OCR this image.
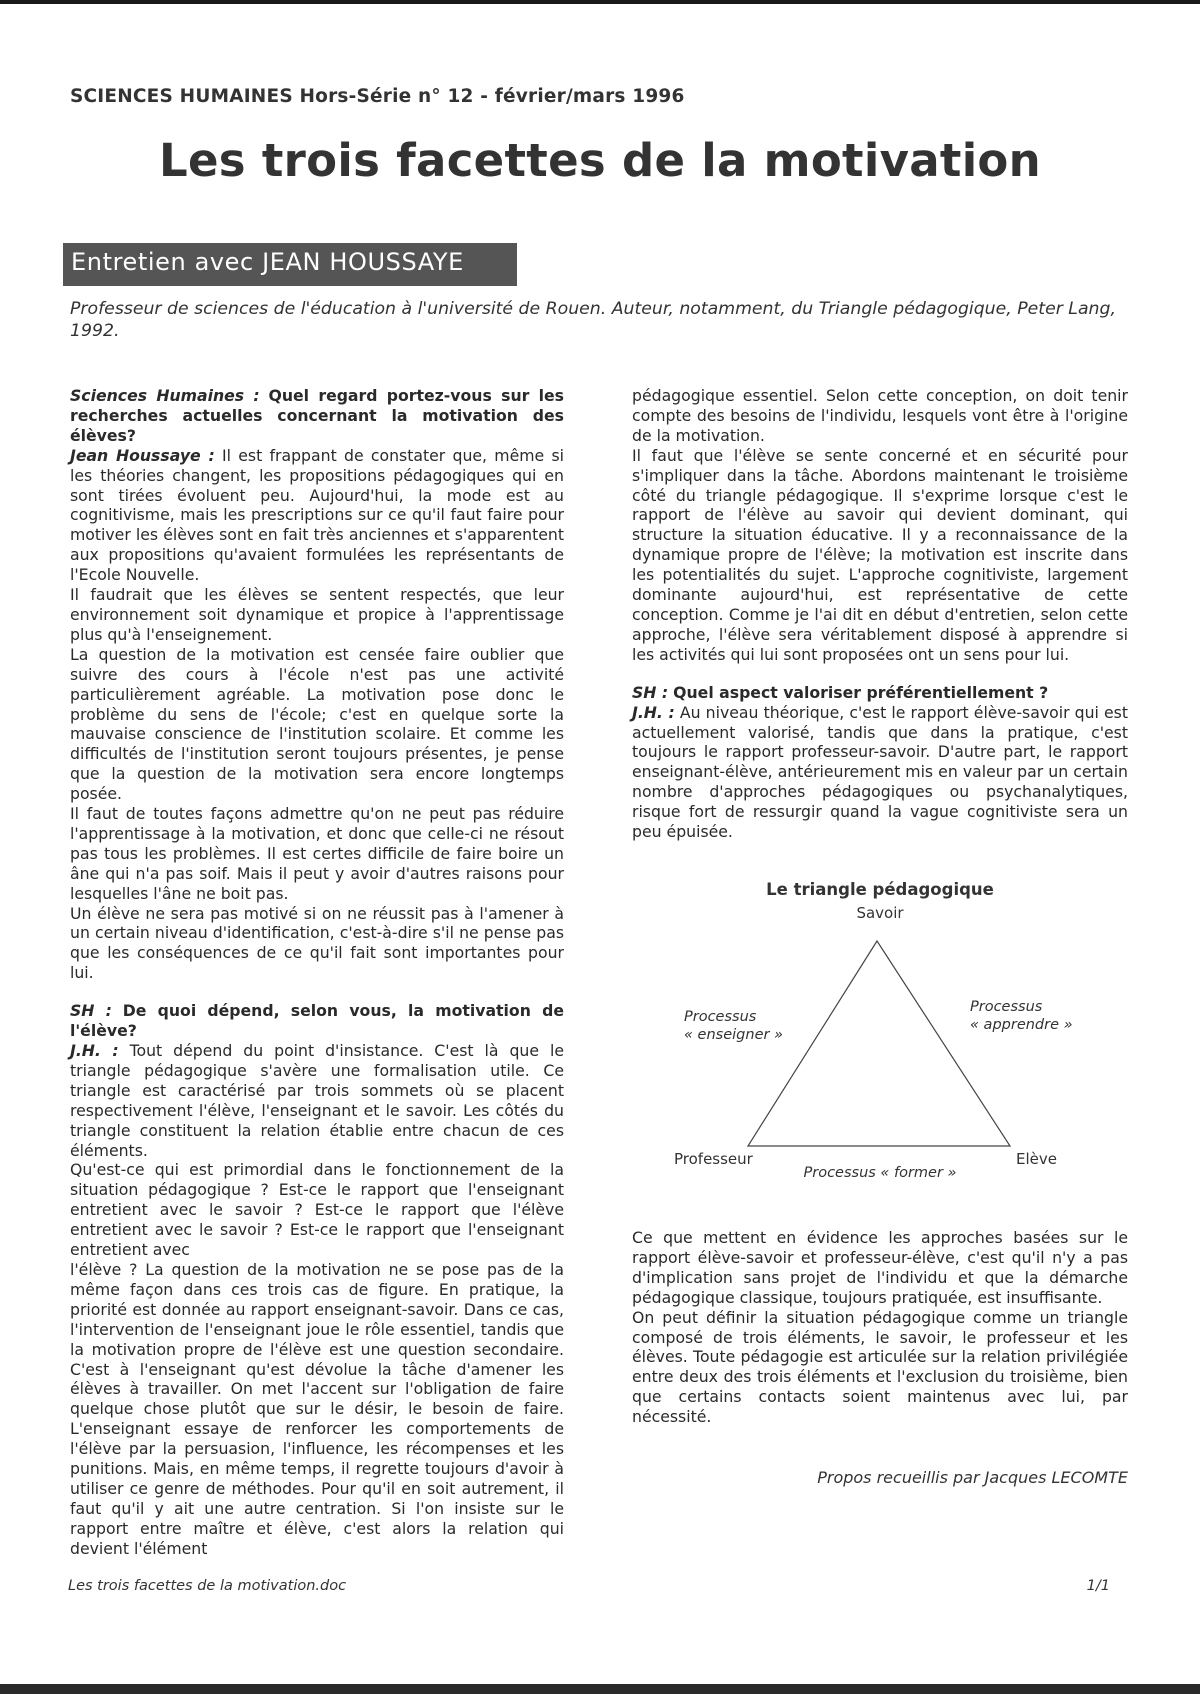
SCIENCES HUMAINES Hors-Série n° 12 - février/mars 1996
Les trois facettes de la motivation
Entretien avec JEAN HOUSSAYE
Professeur de sciences de l'éducation à l'université de Rouen. Auteur, notamment, du Triangle pédagogique, Peter Lang, 1992.

Sciences Humaines : Quel regard portez-vous sur les recherches actuelles concernant la motivation des élèves?

Jean Houssaye : Il est frappant de constater que, même si les théories changent, les propositions pédagogiques qui en sont tirées évoluent peu. Aujourd'hui, la mode est au cognitivisme, mais les prescriptions sur ce qu'il faut faire pour motiver les élèves sont en fait très anciennes et s'apparentent aux propositions qu'avaient formulées les représentants de l'Ecole Nouvelle.

Il faudrait que les élèves se sentent respectés, que leur environnement soit dynamique et propice à l'apprentissage plus qu'à l'enseignement.

La question de la motivation est censée faire oublier que suivre des cours à l'école n'est pas une activité particulièrement agréable. La motivation pose donc le problème du sens de l'école; c'est en quelque sorte la mauvaise conscience de l'institution scolaire. Et comme les difficultés de l'institution seront toujours présentes, je pense que la question de la motivation sera encore longtemps posée.

Il faut de toutes façons admettre qu'on ne peut pas réduire l'apprentissage à la motivation, et donc que celle-ci ne résout pas tous les problèmes. Il est certes difficile de faire boire un âne qui n'a pas soif. Mais il peut y avoir d'autres raisons pour lesquelles l'âne ne boit pas.

Un élève ne sera pas motivé si on ne réussit pas à l'amener à un certain niveau d'identification, c'est-à-dire s'il ne pense pas que les conséquences de ce qu'il fait sont importantes pour lui.

SH : De quoi dépend, selon vous, la motivation de l'élève?

J.H. : Tout dépend du point d'insistance. C'est là que le triangle pédagogique s'avère une formalisation utile. Ce triangle est caractérisé par trois sommets où se placent respectivement l'élève, l'enseignant et le savoir. Les côtés du triangle constituent la relation établie entre chacun de ces éléments.

Qu'est-ce qui est primordial dans le fonctionnement de la situation pédagogique ? Est-ce le rapport que l'enseignant entretient avec le savoir ? Est-ce le rapport que l'élève entretient avec le savoir ? Est-ce le rapport que l'enseignant entretient avec

l'élève ? La question de la motivation ne se pose pas de la même façon dans ces trois cas de figure. En pratique, la priorité est donnée au rapport enseignant-savoir. Dans ce cas, l'intervention de l'enseignant joue le rôle essentiel, tandis que la motivation propre de l'élève est une question secondaire. C'est à l'enseignant qu'est dévolue la tâche d'amener les élèves à travailler. On met l'accent sur l'obligation de faire quelque chose plutôt que sur le désir, le besoin de faire. L'enseignant essaye de renforcer les comportements de l'élève par la persuasion, l'influence, les récompenses et les punitions. Mais, en même temps, il regrette toujours d'avoir à utiliser ce genre de méthodes. Pour qu'il en soit autrement, il faut qu'il y ait une autre centration. Si l'on insiste sur le rapport entre maître et élève, c'est alors la relation qui devient l'élément

pédagogique essentiel. Selon cette conception, on doit tenir compte des besoins de l'individu, lesquels vont être à l'origine de la motivation.

Il faut que l'élève se sente concerné et en sécurité pour s'impliquer dans la tâche. Abordons maintenant le troisième côté du triangle pédagogique. Il s'exprime lorsque c'est le rapport de l'élève au savoir qui devient dominant, qui structure la situation éducative. Il y a reconnaissance de la dynamique propre de l'élève; la motivation est inscrite dans les potentialités du sujet. L'approche cognitiviste, largement dominante aujourd'hui, est représentative de cette conception. Comme je l'ai dit en début d'entretien, selon cette approche, l'élève sera véritablement disposé à apprendre si les activités qui lui sont proposées ont un sens pour lui.

SH : Quel aspect valoriser préférentiellement ?

J.H. : Au niveau théorique, c'est le rapport élève-savoir qui est actuellement valorisé, tandis que dans la pratique, c'est toujours le rapport professeur-savoir. D'autre part, le rapport enseignant-élève, antérieurement mis en valeur par un certain nombre d'approches pédagogiques ou psychanalytiques, risque fort de ressurgir quand la vague cognitiviste sera un peu épuisée.

Le triangle pédagogique
Savoir
Professeur	Elève
Processus
« enseigner »
Processus
« apprendre »
Processus « former »

Ce que mettent en évidence les approches basées sur le rapport élève-savoir et professeur-élève, c'est qu'il n'y a pas d'implication sans projet de l'individu et que la démarche pédagogique classique, toujours pratiquée, est insuffisante.

On peut définir la situation pédagogique comme un triangle composé de trois éléments, le savoir, le professeur et les élèves. Toute pédagogie est articulée sur la relation privilégiée entre deux des trois éléments et l'exclusion du troisième, bien que certains contacts soient maintenus avec lui, par nécessité.

Propos recueillis par Jacques LECOMTE
Les trois facettes de la motivation.doc	1/1
